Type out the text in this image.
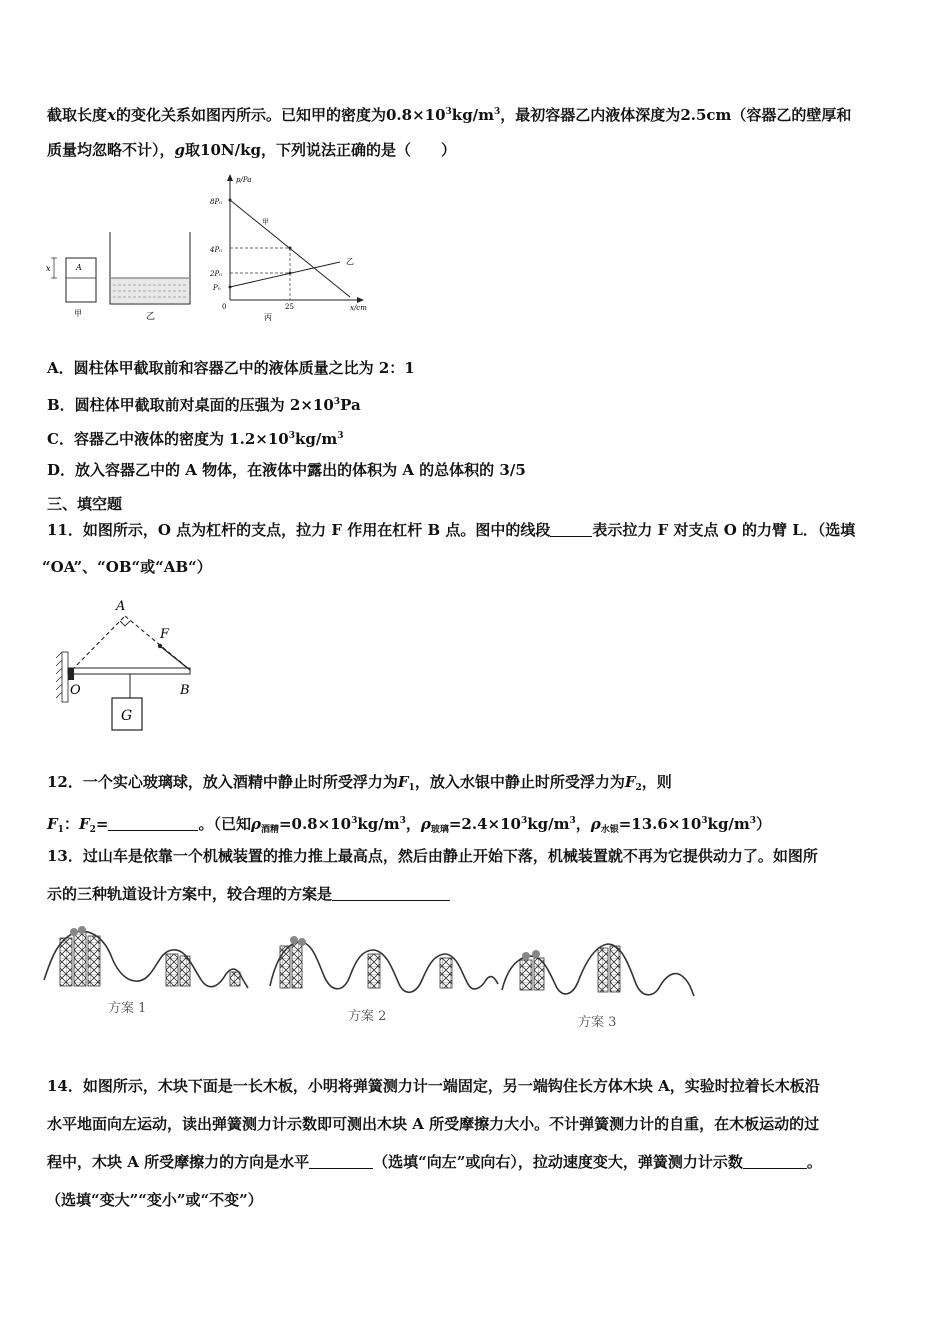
截取长度x的变化关系如图丙所示。已知甲的密度为$0.8\times 10^3kg/m^3$，最初容器乙内液体深度为2.5cm（容器乙的壁厚和
质量均忽略不计），g取10N/kg，下列说法正确的是（　　）
x	A
甲	乙
p/Pa
x/cm
8P₀
4P₀
2P₀
P₀
0	25
甲
乙
丙
A．圆柱体甲截取前和容器乙中的液体质量之比为 2：1
B．圆柱体甲截取前对桌面的压强为 $2\times 10^3Pa$
C．容器乙中液体的密度为 $1.2\times 10^3kg/m^3$
D．放入容器乙中的 A 物体，在液体中露出的体积为 A 的总体积的 3/5
三、填空题
11．如图所示，O 点为杠杆的支点，拉力 F 作用在杠杆 B 点。图中的线段	表示拉力 F 对支点 O 的力臂 L．（选填
“OA”、“OB“或“AB“）
G
A
F
O	B
12．一个实心玻璃球，放入酒精中静止时所受浮力为$F_1$，放入水银中静止时所受浮力为$F_2$，则
$F_1$：$F_2=$	。（已知$\rho_{酒精}=0.8\times 10^3kg/m^3$，$\rho_{玻璃}=2.4\times 10^3kg/m^3$，$\rho_{水银}=13.6\times 10^3kg/m^3$）
13．过山车是依靠一个机械装置的推力推上最高点，然后由静止开始下落，机械装置就不再为它提供动力了。如图所
示的三种轨道设计方案中，较合理的方案是
方案 1
方案 2	方案 3
14．如图所示，木块下面是一长木板，小明将弹簧测力计一端固定，另一端钩住长方体木块 A，实验时拉着长木板沿
水平地面向左运动，读出弹簧测力计示数即可测出木块 A 所受摩擦力大小。不计弹簧测力计的自重，在木板运动的过
程中，木块 A 所受摩擦力的方向是水平	（选填“向左”或向右），拉动速度变大，弹簧测力计示数	。
（选填“变大”“变小”或“不变”）
